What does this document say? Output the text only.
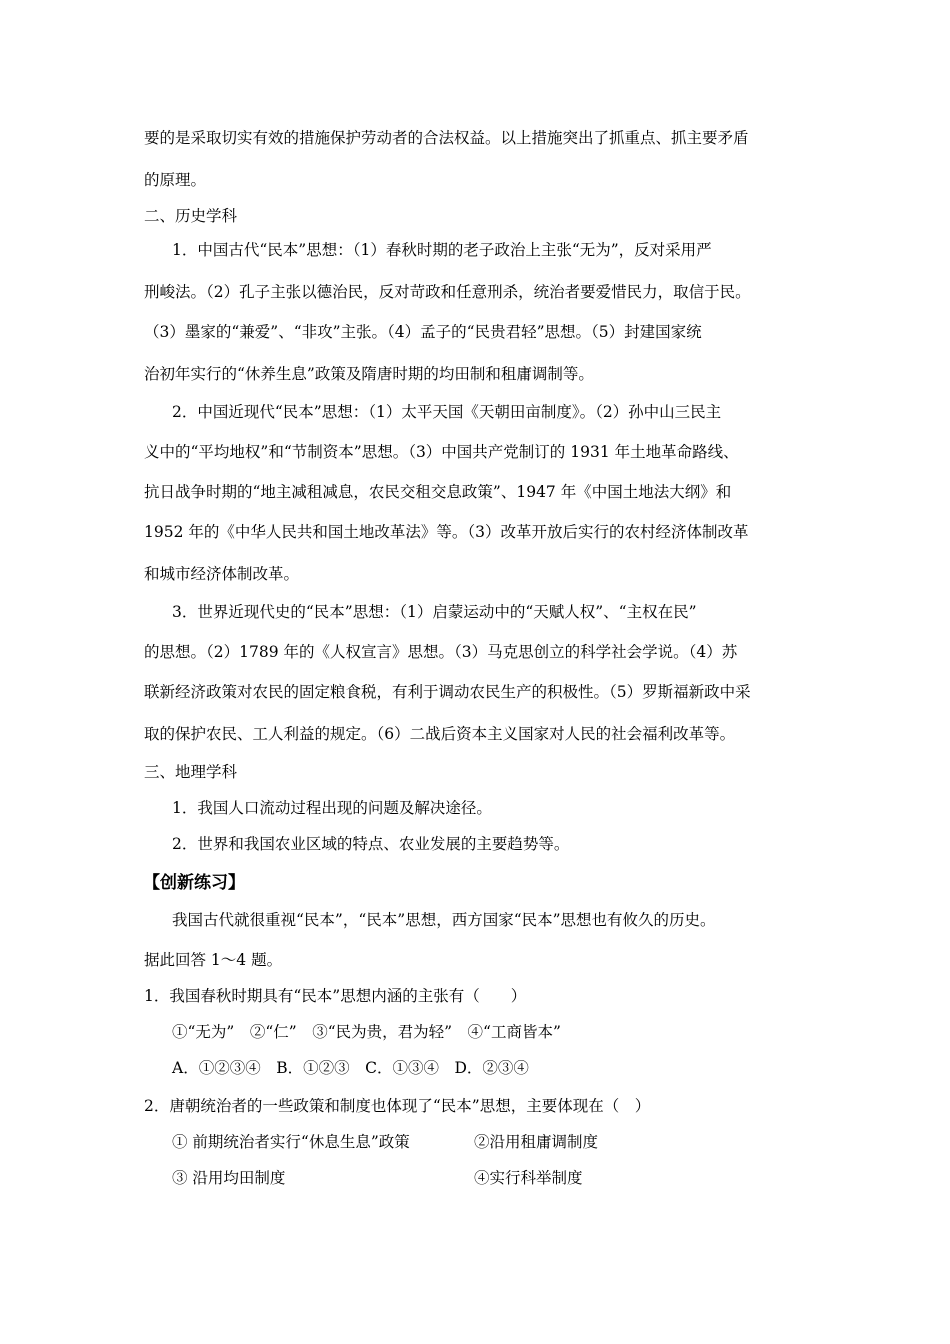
要的是采取切实有效的措施保护劳动者的合法权益。以上措施突出了抓重点、抓主要矛盾
的原理。
二、历史学科
1．中国古代“民本”思想：（1）春秋时期的老子政治上主张“无为”，反对采用严
刑峻法。（2）孔子主张以德治民，反对苛政和任意刑杀，统治者要爱惜民力，取信于民。
（3）墨家的“兼爱”、“非攻”主张。（4）孟子的“民贵君轻”思想。（5）封建国家统
治初年实行的“休养生息”政策及隋唐时期的均田制和租庸调制等。
2．中国近现代“民本”思想：（1）太平天国《天朝田亩制度》。（2）孙中山三民主
义中的“平均地权”和“节制资本”思想。（3）中国共产党制订的 1931 年土地革命路线、
抗日战争时期的“地主减租减息，农民交租交息政策”、1947 年《中国土地法大纲》和
1952 年的《中华人民共和国土地改革法》等。（3）改革开放后实行的农村经济体制改革
和城市经济体制改革。
3．世界近现代史的“民本”思想：（1）启蒙运动中的“天赋人权”、“主权在民”
的思想。（2）1789 年的《人权宣言》思想。（3）马克思创立的科学社会学说。（4）苏
联新经济政策对农民的固定粮食税，有利于调动农民生产的积极性。（5）罗斯福新政中采
取的保护农民、工人利益的规定。（6）二战后资本主义国家对人民的社会福利改革等。
三、地理学科
1．我国人口流动过程出现的问题及解决途径。
2．世界和我国农业区域的特点、农业发展的主要趋势等。
【创新练习】
我国古代就很重视“民本”，“民本”思想，西方国家“民本”思想也有攸久的历史。
据此回答 1～4 题。
1．我国春秋时期具有“民本”思想内涵的主张有（　　）
①“无为”　②“仁”　③“民为贵，君为轻”　④“工商皆本”
A．①②③④　B．①②③　C．①③④　D．②③④
2．唐朝统治者的一些政策和制度也体现了“民本”思想，主要体现在（　）
① 前期统治者实行“休息生息”政策	②沿用租庸调制度
③ 沿用均田制度	④实行科举制度
